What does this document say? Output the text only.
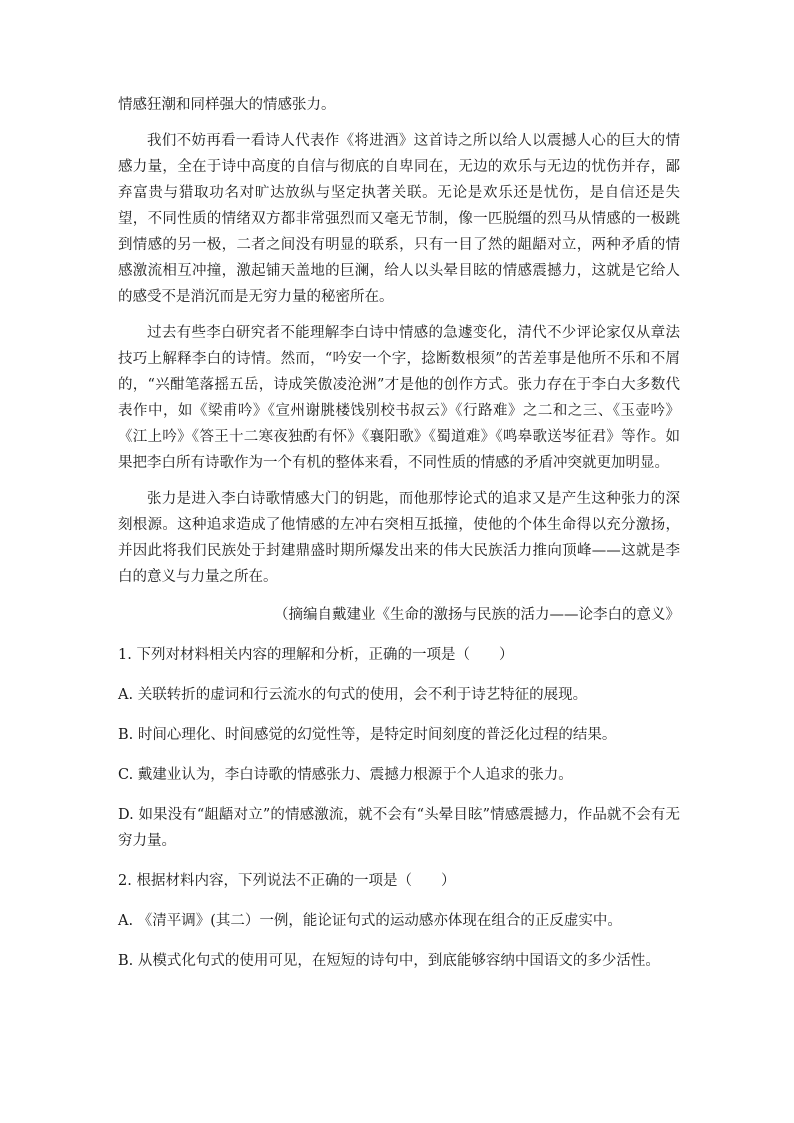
情感狂潮和同样强大的情感张力。

我们不妨再看一看诗人代表作《将进酒》这首诗之所以给人以震撼人心的巨大的情感力量，全在于诗中高度的自信与彻底的自卑同在，无边的欢乐与无边的忧伤并存，鄙弃富贵与猎取功名对旷达放纵与坚定执著关联。无论是欢乐还是忧伤，是自信还是失望，不同性质的情绪双方都非常强烈而又毫无节制，像一匹脱缰的烈马从情感的一极跳到情感的另一极，二者之间没有明显的联系，只有一目了然的龃龉对立，两种矛盾的情感激流相互冲撞，激起铺天盖地的巨澜，给人以头晕目眩的情感震撼力，这就是它给人的感受不是消沉而是无穷力量的秘密所在。

过去有些李白研究者不能理解李白诗中情感的急遽变化，清代不少评论家仅从章法技巧上解释李白的诗情。然而，“吟安一个字，捻断数根须”的苦差事是他所不乐和不屑的，“兴酣笔落摇五岳，诗成笑傲凌沧洲”才是他的创作方式。张力存在于李白大多数代表作中，如《梁甫吟》《宣州谢朓楼饯别校书叔云》《行路难》之二和之三、《玉壶吟》《江上吟》《答王十二寒夜独酌有怀》《襄阳歌》《蜀道难》《鸣皋歌送岑征君》等作。如果把李白所有诗歌作为一个有机的整体来看，不同性质的情感的矛盾冲突就更加明显。

张力是进入李白诗歌情感大门的钥匙，而他那悖论式的追求又是产生这种张力的深刻根源。这种追求造成了他情感的左冲右突相互抵撞，使他的个体生命得以充分激扬，并因此将我们民族处于封建鼎盛时期所爆发出来的伟大民族活力推向顶峰——这就是李白的意义与力量之所在。

（摘编自戴建业《生命的激扬与民族的活力——论李白的意义》

1. 下列对材料相关内容的理解和分析，正确的一项是（　　）

A. 关联转折的虚词和行云流水的句式的使用，会不利于诗艺特征的展现。

B. 时间心理化、时间感觉的幻觉性等，是特定时间刻度的普泛化过程的结果。

C. 戴建业认为，李白诗歌的情感张力、震撼力根源于个人追求的张力。

D. 如果没有“龃龉对立”的情感激流，就不会有“头晕目眩”情感震撼力，作品就不会有无穷力量。

2. 根据材料内容，下列说法不正确的一项是（　　）

A. 《清平调》(其二）一例，能论证句式的运动感亦体现在组合的正反虚实中。

B. 从模式化句式的使用可见，在短短的诗句中，到底能够容纳中国语文的多少活性。
